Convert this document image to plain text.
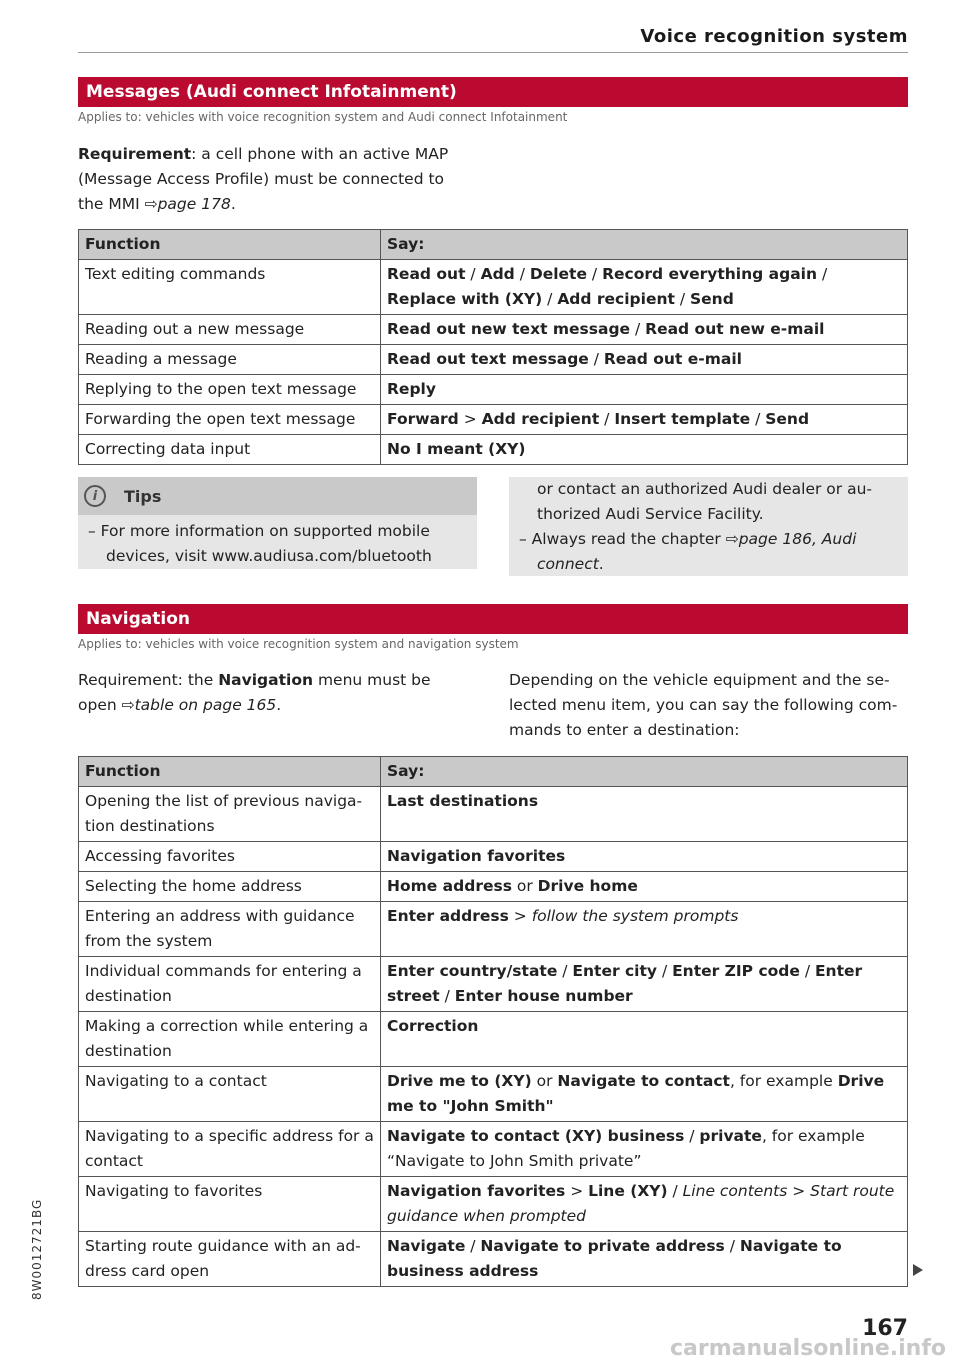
Voice recognition system
Messages (Audi connect Infotainment)
Applies to: vehicles with voice recognition system and Audi connect Infotainment
Requirement: a cell phone with an active MAP
(Message Access Profile) must be connected to
the MMI ⇨page 178.
Function	Say:
Text editing commands	Read out / Add / Delete / Record everything again / Replace with (XY) / Add recipient / Send
Reading out a new message	Read out new text message / Read out new e-mail
Reading a message	Read out text message / Read out e-mail
Replying to the open text message	Reply
Forwarding the open text message	Forward > Add recipient / Insert template / Send
Correcting data input	No I meant (XY)
i	Tips
– For more information on supported mobile
devices, visit www.audiusa.com/bluetooth
or contact an authorized Audi dealer or au-
thorized Audi Service Facility.
– Always read the chapter ⇨page 186, Audi
connect.
Navigation
Applies to: vehicles with voice recognition system and navigation system
Requirement: the Navigation menu must be
open ⇨table on page 165.
Depending on the vehicle equipment and the se-
lected menu item, you can say the following com-
mands to enter a destination:
Function	Say:
Opening the list of previous naviga-tion destinations	Last destinations
Accessing favorites	Navigation favorites
Selecting the home address	Home address or Drive home
Entering an address with guidance from the system	Enter address > follow the system prompts
Individual commands for entering a destination	Enter country/state / Enter city / Enter ZIP code / Enter street / Enter house number
Making a correction while entering a destination	Correction
Navigating to a contact	Drive me to (XY) or Navigate to contact, for example Drive me to "John Smith"
Navigating to a specific address for a contact	Navigate to contact (XY) business / private, for example “Navigate to John Smith private”
Navigating to favorites	Navigation favorites > Line (XY) / Line contents > Start route guidance when prompted
Starting route guidance with an ad-dress card open	Navigate / Navigate to private address / Navigate to business address
8W0012721BG
167
carmanualsonline.info
